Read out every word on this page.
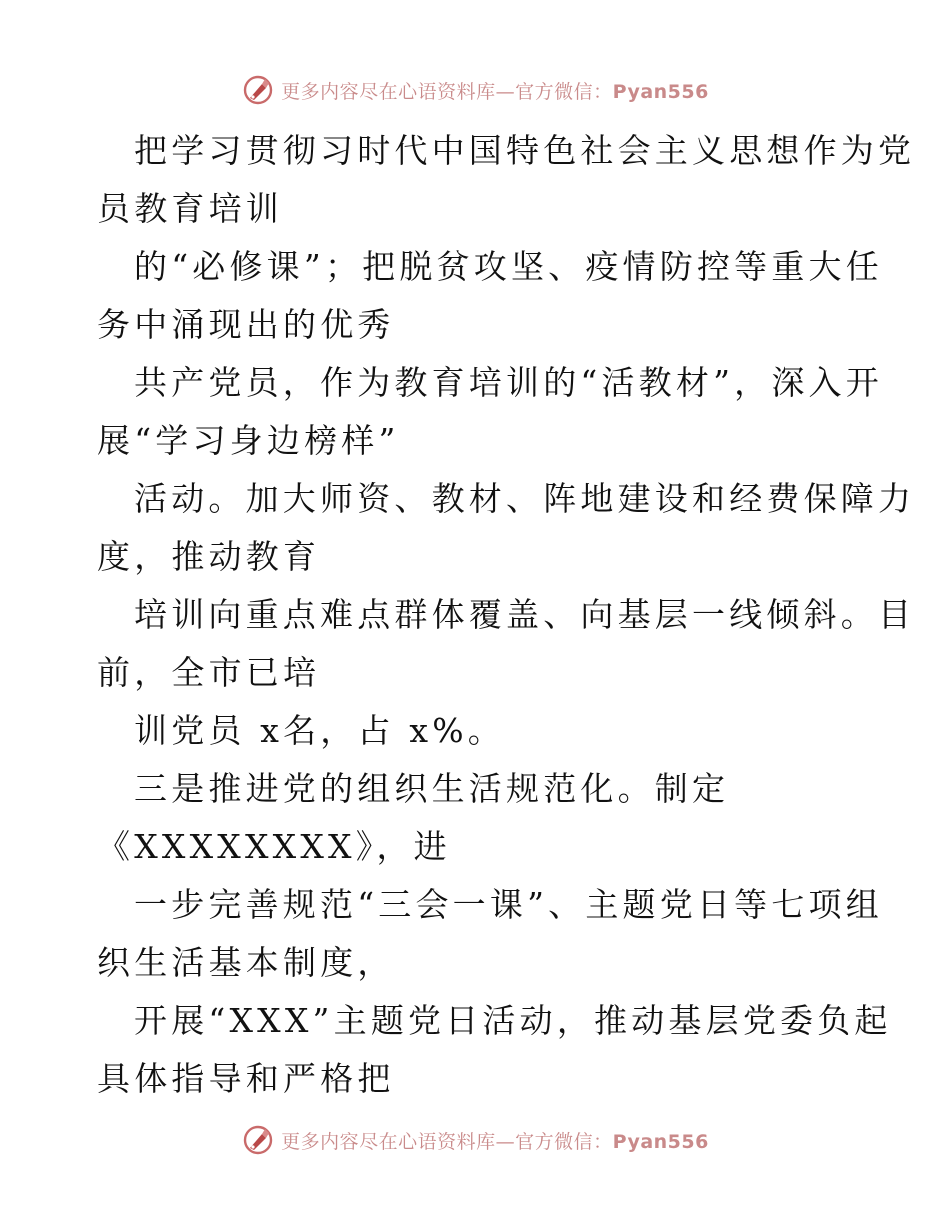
更多内容尽在心语资料库—官方微信：Pyan556

把学习贯彻习时代中国特色社会主义思想作为党

员教育培训

的“必修课”；把脱贫攻坚、疫情防控等重大任

务中涌现出的优秀

共产党员，作为教育培训的“活教材”，深入开

展“学习身边榜样”

活动。加大师资、教材、阵地建设和经费保障力

度，推动教育

培训向重点难点群体覆盖、向基层一线倾斜。目

前，全市已培

训党员 x名，占 x%。

三是推进党的组织生活规范化。制定

《XXXXXXXX》，进

一步完善规范“三会一课”、主题党日等七项组

织生活基本制度，

开展“XXX”主题党日活动，推动基层党委负起

具体指导和严格把

更多内容尽在心语资料库—官方微信：Pyan556
